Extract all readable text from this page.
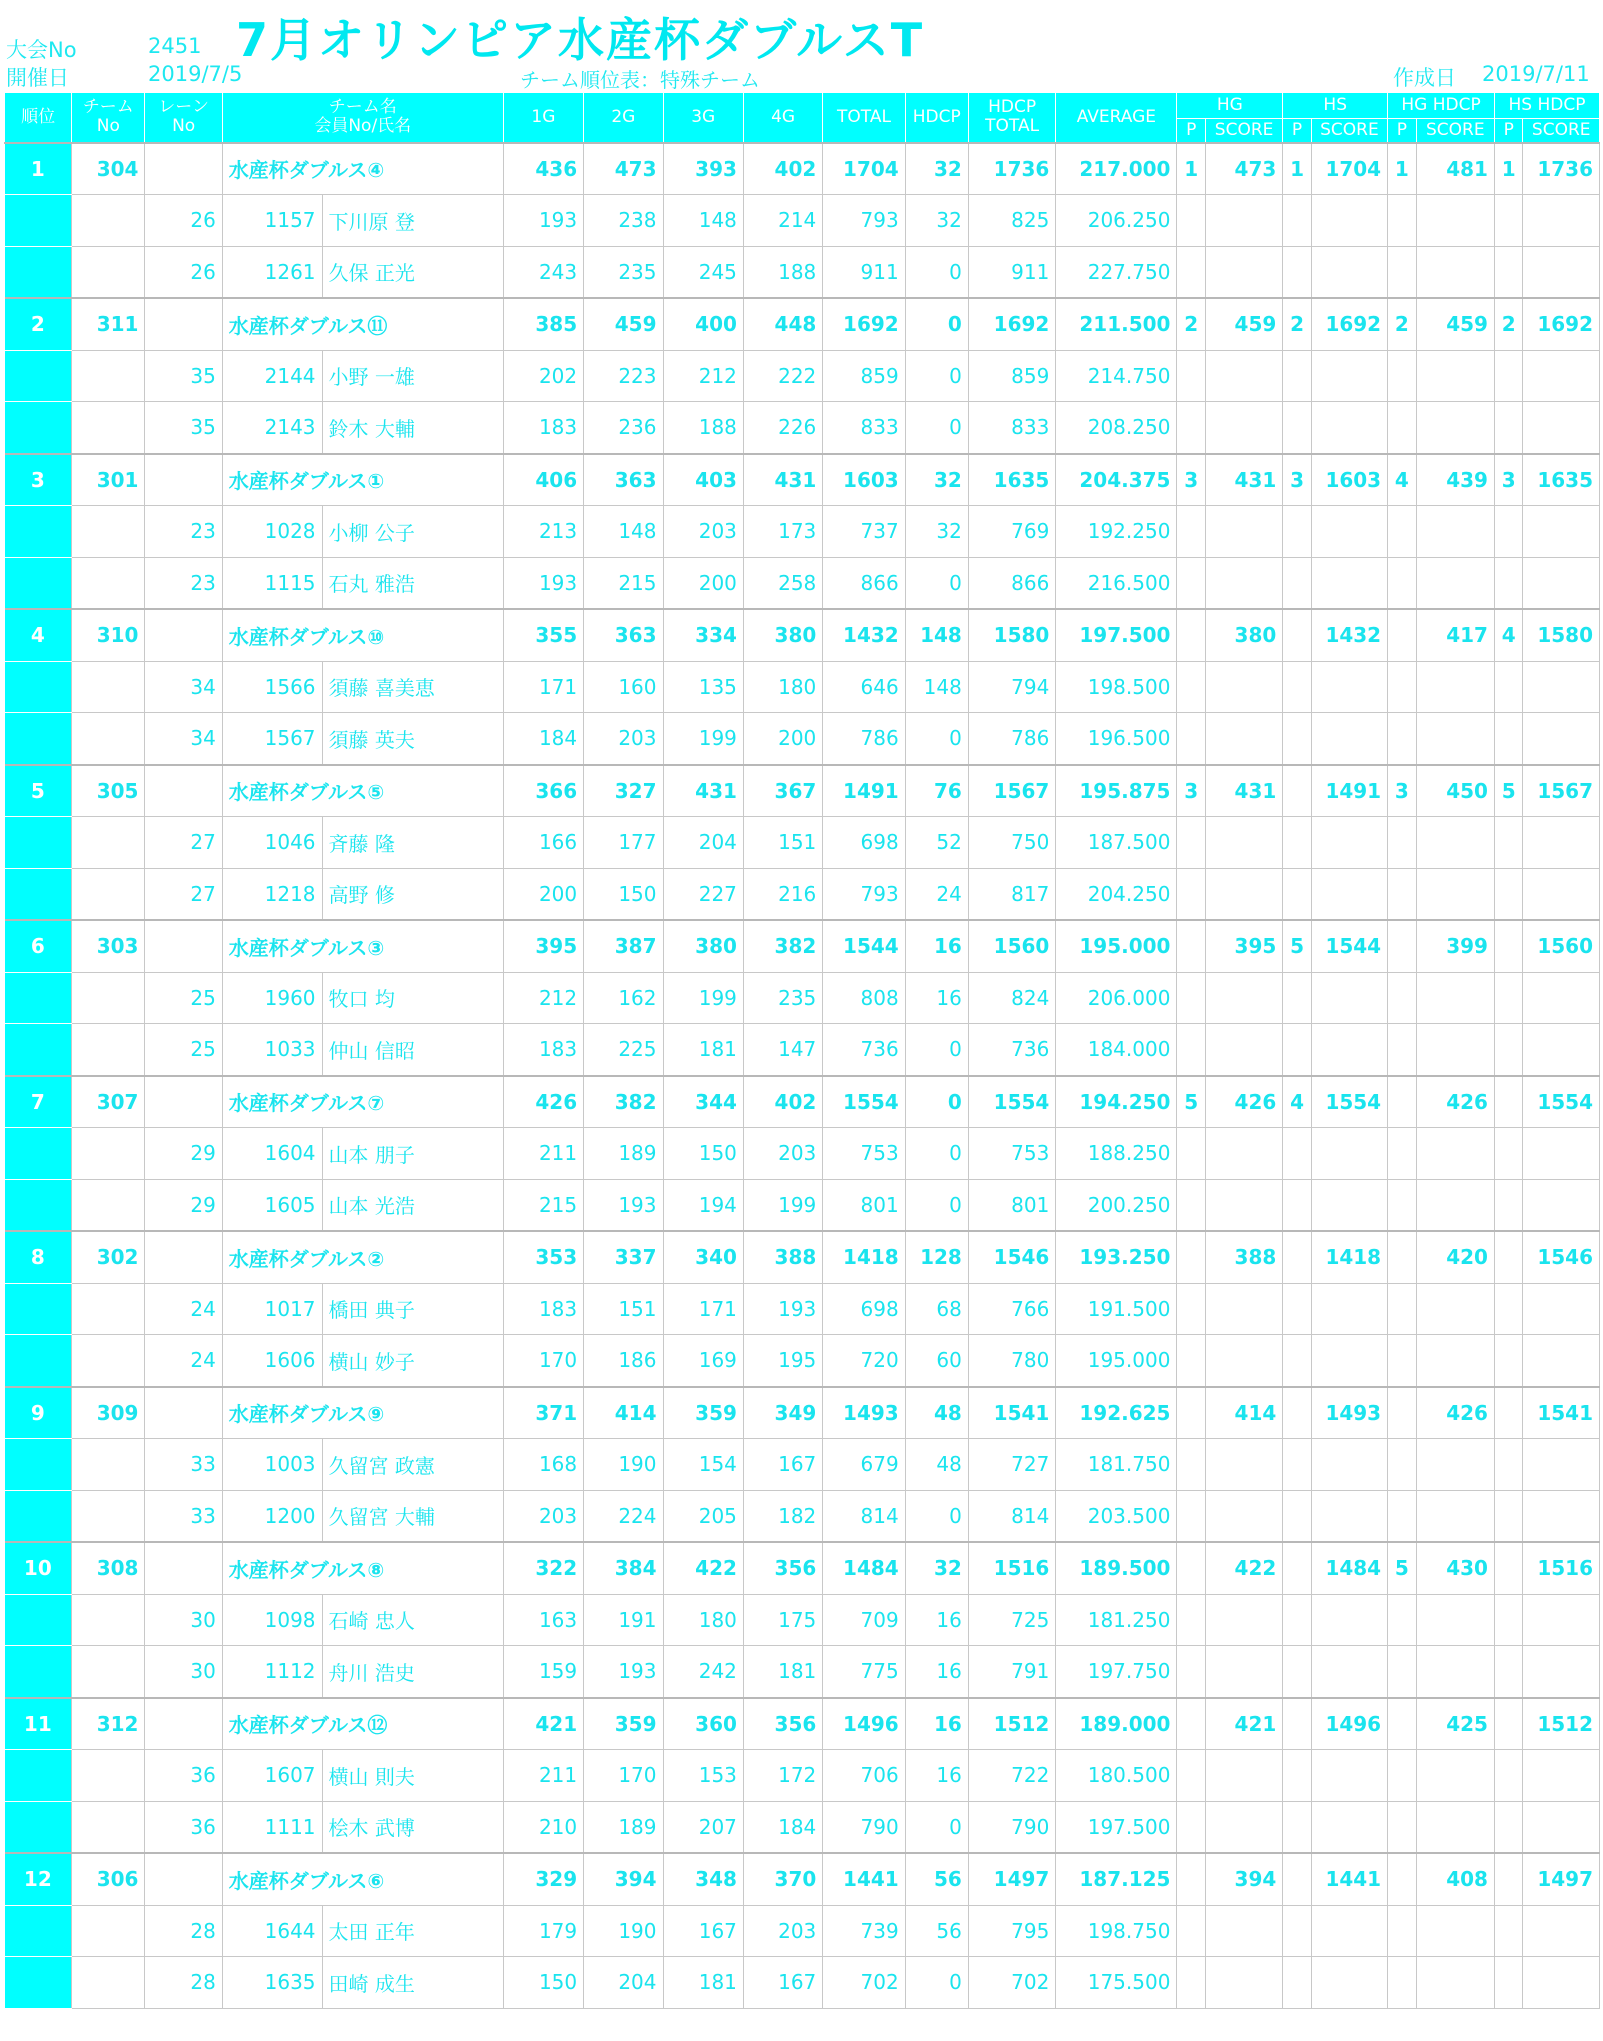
大会No	2451 7月オリンピア水産杯ダブルスT
開催日	2019/7/5	チーム順位表：特殊チーム	作成日 2019/7/11
順位	チーム
No	レーン
No	チーム名
会員No/氏名		1G	2G	3G	4G	TOTAL	HDCP	HDCP
TOTAL	AVERAGE	HG		HS		HG HDCP		HS HDCP	
													P	SCORE	P	SCORE	P	SCORE	P	SCORE
1	304		水産杯ダブルス④		436	473	393	402	1704	32	1736	217.000	1	473	1	1704	1	481	1	1736
		26	1157	下川原 登	193	238	148	214	793	32	825	206.250								
		26	1261	久保 正光	243	235	245	188	911	0	911	227.750								
2	311		水産杯ダブルス⑪		385	459	400	448	1692	0	1692	211.500	2	459	2	1692	2	459	2	1692
		35	2144	小野 一雄	202	223	212	222	859	0	859	214.750								
		35	2143	鈴木 大輔	183	236	188	226	833	0	833	208.250								
3	301		水産杯ダブルス①		406	363	403	431	1603	32	1635	204.375	3	431	3	1603	4	439	3	1635
		23	1028	小柳 公子	213	148	203	173	737	32	769	192.250								
		23	1115	石丸 雅浩	193	215	200	258	866	0	866	216.500								
4	310		水産杯ダブルス⑩		355	363	334	380	1432	148	1580	197.500		380		1432		417	4	1580
		34	1566	須藤 喜美恵	171	160	135	180	646	148	794	198.500								
		34	1567	須藤 英夫	184	203	199	200	786	0	786	196.500								
5	305		水産杯ダブルス⑤		366	327	431	367	1491	76	1567	195.875	3	431		1491	3	450	5	1567
		27	1046	斉藤 隆	166	177	204	151	698	52	750	187.500								
		27	1218	高野 修	200	150	227	216	793	24	817	204.250								
6	303		水産杯ダブルス③		395	387	380	382	1544	16	1560	195.000		395	5	1544		399		1560
		25	1960	牧口 均	212	162	199	235	808	16	824	206.000								
		25	1033	仲山 信昭	183	225	181	147	736	0	736	184.000								
7	307		水産杯ダブルス⑦		426	382	344	402	1554	0	1554	194.250	5	426	4	1554		426		1554
		29	1604	山本 朋子	211	189	150	203	753	0	753	188.250								
		29	1605	山本 光浩	215	193	194	199	801	0	801	200.250								
8	302		水産杯ダブルス②		353	337	340	388	1418	128	1546	193.250		388		1418		420		1546
		24	1017	橋田 典子	183	151	171	193	698	68	766	191.500								
		24	1606	横山 妙子	170	186	169	195	720	60	780	195.000								
9	309		水産杯ダブルス⑨		371	414	359	349	1493	48	1541	192.625		414		1493		426		1541
		33	1003	久留宮 政憲	168	190	154	167	679	48	727	181.750								
		33	1200	久留宮 大輔	203	224	205	182	814	0	814	203.500								
10	308		水産杯ダブルス⑧		322	384	422	356	1484	32	1516	189.500		422		1484	5	430		1516
		30	1098	石崎 忠人	163	191	180	175	709	16	725	181.250								
		30	1112	舟川 浩史	159	193	242	181	775	16	791	197.750								
11	312		水産杯ダブルス⑫		421	359	360	356	1496	16	1512	189.000		421		1496		425		1512
		36	1607	横山 則夫	211	170	153	172	706	16	722	180.500								
		36	1111	桧木 武博	210	189	207	184	790	0	790	197.500								
12	306		水産杯ダブルス⑥		329	394	348	370	1441	56	1497	187.125		394		1441		408		1497
		28	1644	太田 正年	179	190	167	203	739	56	795	198.750								
		28	1635	田崎 成生	150	204	181	167	702	0	702	175.500								
